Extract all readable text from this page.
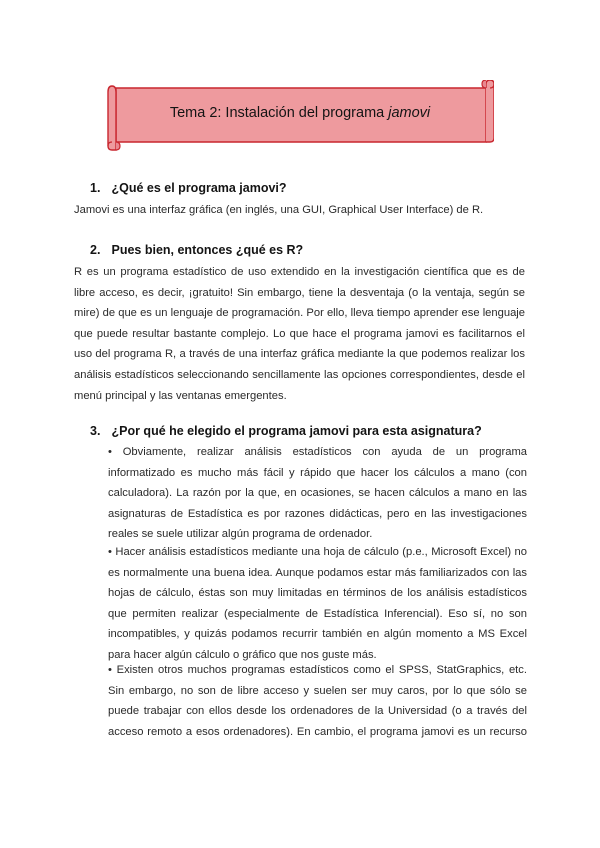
Tema 2: Instalación del programa jamovi
1. ¿Qué es el programa jamovi?
Jamovi es una interfaz gráfica (en inglés, una GUI, Graphical User Interface) de R.
2. Pues bien, entonces ¿qué es R?
R es un programa estadístico de uso extendido en la investigación científica que es de libre acceso, es decir, ¡gratuito! Sin embargo, tiene la desventaja (o la ventaja, según se mire) de que es un lenguaje de programación. Por ello, lleva tiempo aprender ese lenguaje que puede resultar bastante complejo. Lo que hace el programa jamovi es facilitarnos el uso del programa R, a través de una interfaz gráfica mediante la que podemos realizar los análisis estadísticos seleccionando sencillamente las opciones correspondientes, desde el menú principal y las ventanas emergentes.
3. ¿Por qué he elegido el programa jamovi para esta asignatura?
• Obviamente, realizar análisis estadísticos con ayuda de un programa informatizado es mucho más fácil y rápido que hacer los cálculos a mano (con calculadora). La razón por la que, en ocasiones, se hacen cálculos a mano en las asignaturas de Estadística es por razones didácticas, pero en las investigaciones reales se suele utilizar algún programa de ordenador.
• Hacer análisis estadísticos mediante una hoja de cálculo (p.e., Microsoft Excel) no es normalmente una buena idea. Aunque podamos estar más familiarizados con las hojas de cálculo, éstas son muy limitadas en términos de los análisis estadísticos que permiten realizar (especialmente de Estadística Inferencial). Eso sí, no son incompatibles, y quizás podamos recurrir también en algún momento a MS Excel para hacer algún cálculo o gráfico que nos guste más.
• Existen otros muchos programas estadísticos como el SPSS, StatGraphics, etc. Sin embargo, no son de libre acceso y suelen ser muy caros, por lo que sólo se puede trabajar con ellos desde los ordenadores de la Universidad (o a través del acceso remoto a esos ordenadores). En cambio, el programa jamovi es un recurso
